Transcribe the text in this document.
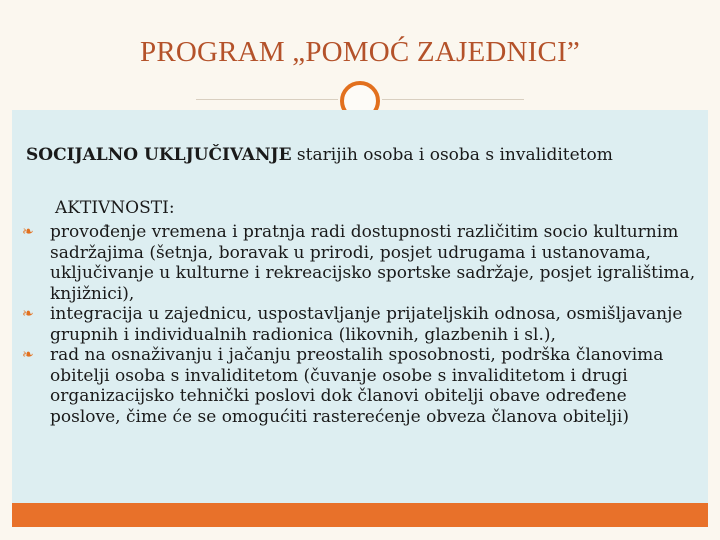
PROGRAM „POMOĆ ZAJEDNICI”
SOCIJALNO UKLJUČIVANJE starijih osoba i osoba s invaliditetom
AKTIVNOSTI:
❧ provođenje vremena i pratnja radi dostupnosti različitim socio kulturnim sadržajima (šetnja, boravak u prirodi, posjet udrugama i ustanovama, uključivanje u kulturne i rekreacijsko sportske sadržaje, posjet igralištima, knjižnici),
❧ integracija u zajednicu, uspostavljanje prijateljskih odnosa, osmišljavanje grupnih i individualnih radionica (likovnih, glazbenih i sl.),
❧ rad na osnaživanju i jačanju preostalih sposobnosti, podrška članovima obitelji osoba s invaliditetom (čuvanje osobe s invaliditetom i drugi organizacijsko tehnički poslovi dok članovi obitelji obave određene poslove, čime će se omogućiti rasterećenje obveza članova obitelji)
